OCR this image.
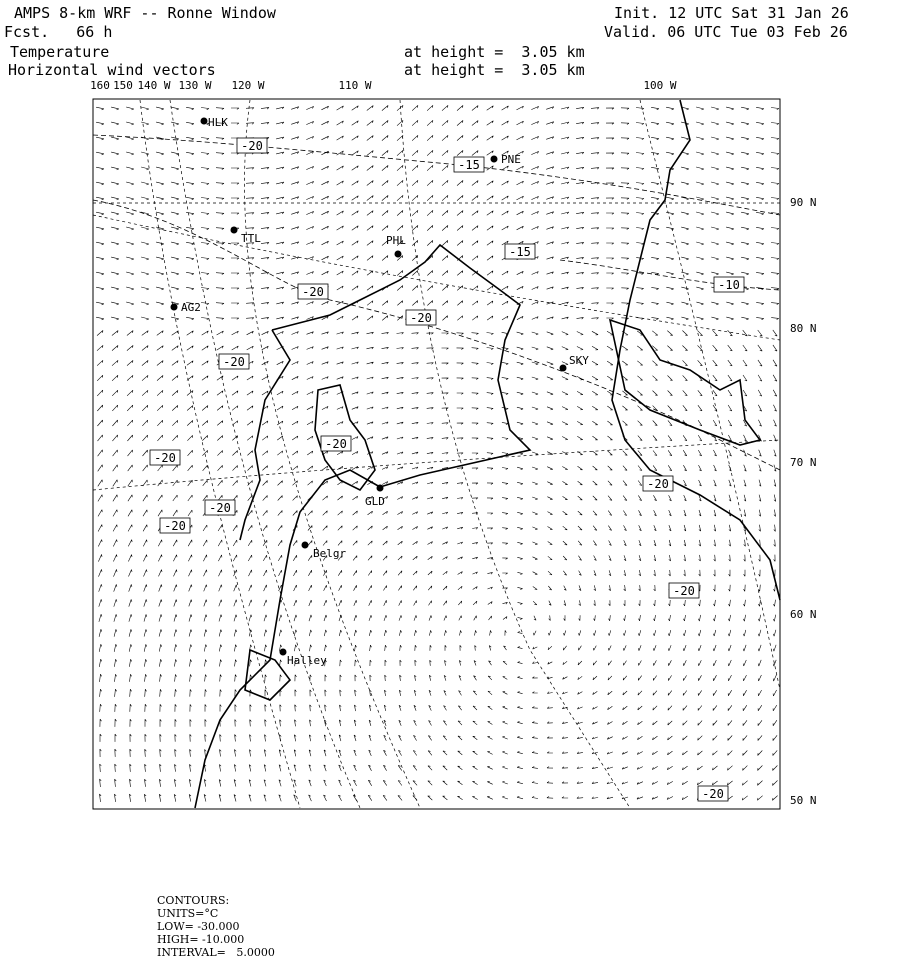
AMPS 8-km WRF -- Ronne Window	Init. 12 UTC Sat 31 Jan 26
Fcst.   66 h	Valid. 06 UTC Tue 03 Feb 26
Temperature	at height =  3.05 km
Horizontal wind vectors	at height =  3.05 km
HLK
PNE
TTL	PHL
AG2
SKY
GLD
Belgr
Halley
-20
-15
-20
-15
-10
-20
-20
-20
-20
-20
-20
-20
-20
-20
160 150 140 W 130 W 120 W	110 W	100 W
90 N
80 N
70 N
60 N
50 N

CONTOURS:
UNITS=°C
LOW= -30.000
HIGH= -10.000
INTERVAL=   5.0000
